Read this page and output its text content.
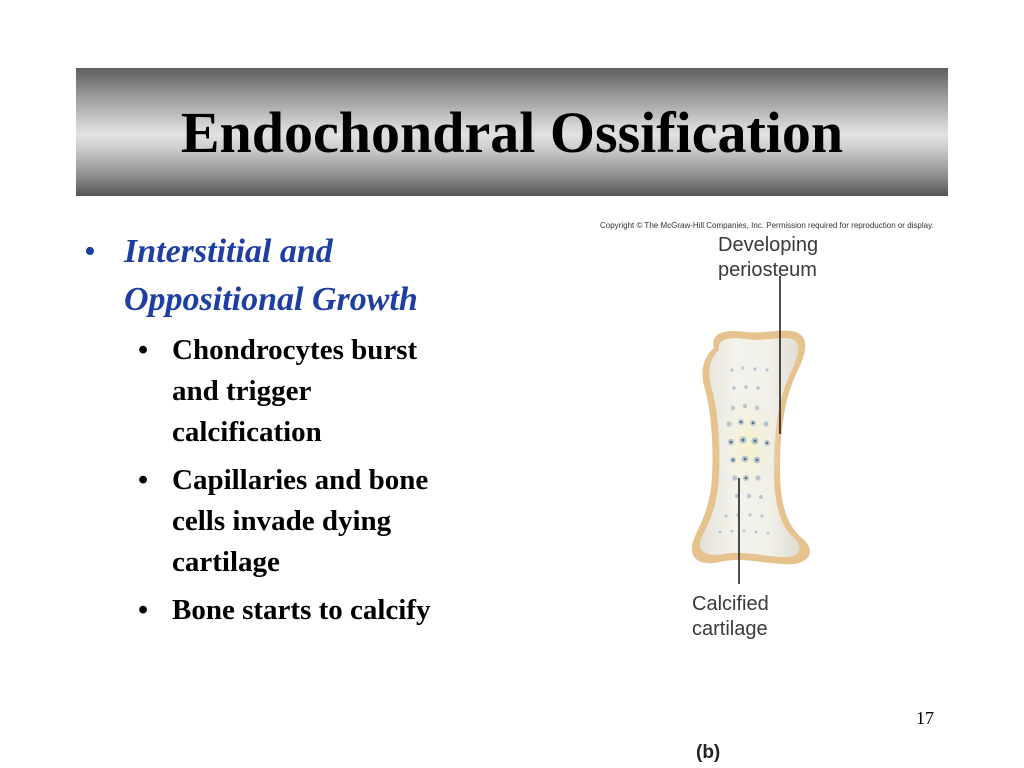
Endochondral Ossification
• Interstitial and
Oppositional Growth
• Chondrocytes burst
and trigger
calcification
• Capillaries and bone
cells invade dying
cartilage
• Bone starts to calcify
Copyright © The McGraw-Hill Companies, Inc. Permission required for reproduction or display.
Developing
periosteum
Calcified
cartilage
(b)
17
